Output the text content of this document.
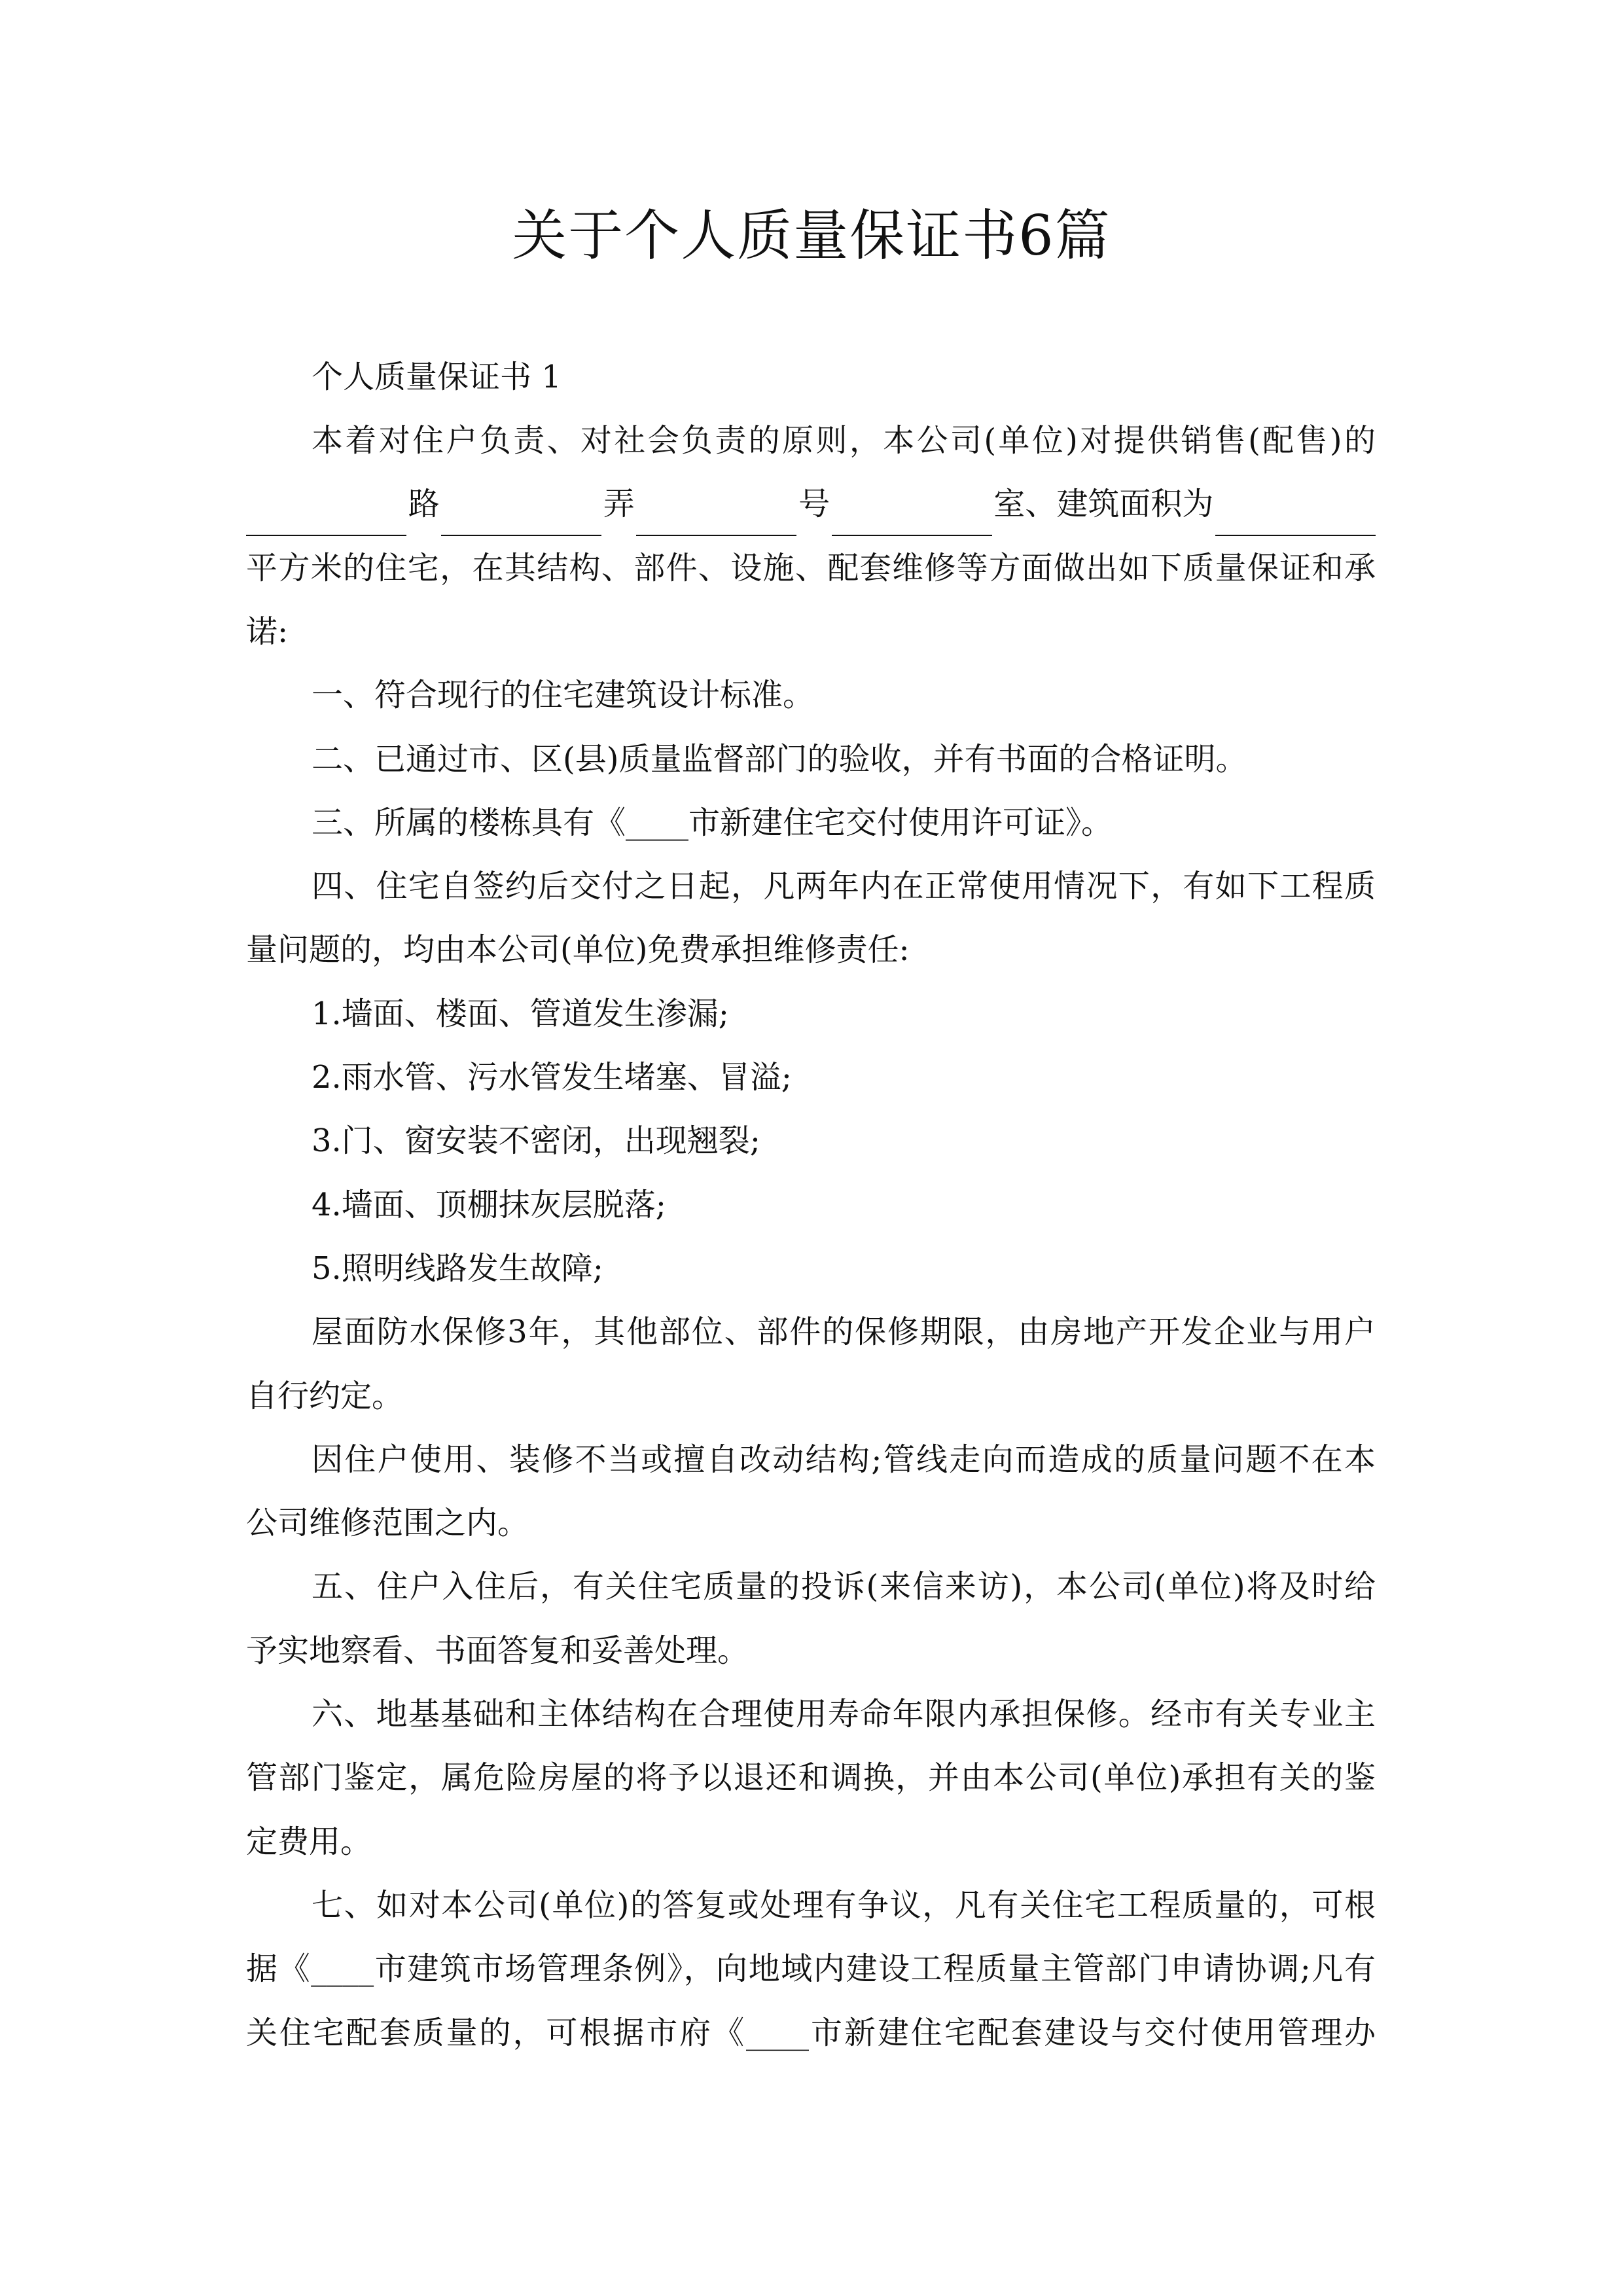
关于个人质量保证书6篇
个人质量保证书 1
本着对住户负责、对社会负责的原则，本公司(单位)对提供销售(配售)的
路	弄	号	室、建筑面积为
平方米的住宅，在其结构、部件、设施、配套维修等方面做出如下质量保证和承
诺:
一、符合现行的住宅建筑设计标准。
二、已通过市、区(县)质量监督部门的验收，并有书面的合格证明。
三、所属的楼栋具有《____市新建住宅交付使用许可证》。
四、住宅自签约后交付之日起，凡两年内在正常使用情况下，有如下工程质
量问题的，均由本公司(单位)免费承担维修责任:
1.墙面、楼面、管道发生渗漏;
2.雨水管、污水管发生堵塞、冒溢;
3.门、窗安装不密闭，出现翘裂;
4.墙面、顶棚抹灰层脱落;
5.照明线路发生故障;
屋面防水保修3年，其他部位、部件的保修期限，由房地产开发企业与用户
自行约定。
因住户使用、装修不当或擅自改动结构;管线走向而造成的质量问题不在本
公司维修范围之内。
五、住户入住后，有关住宅质量的投诉(来信来访)，本公司(单位)将及时给
予实地察看、书面答复和妥善处理。
六、地基基础和主体结构在合理使用寿命年限内承担保修。经市有关专业主
管部门鉴定，属危险房屋的将予以退还和调换，并由本公司(单位)承担有关的鉴
定费用。
七、如对本公司(单位)的答复或处理有争议，凡有关住宅工程质量的，可根
据《____市建筑市场管理条例》，向地域内建设工程质量主管部门申请协调;凡有
关住宅配套质量的，可根据市府《____市新建住宅配套建设与交付使用管理办
